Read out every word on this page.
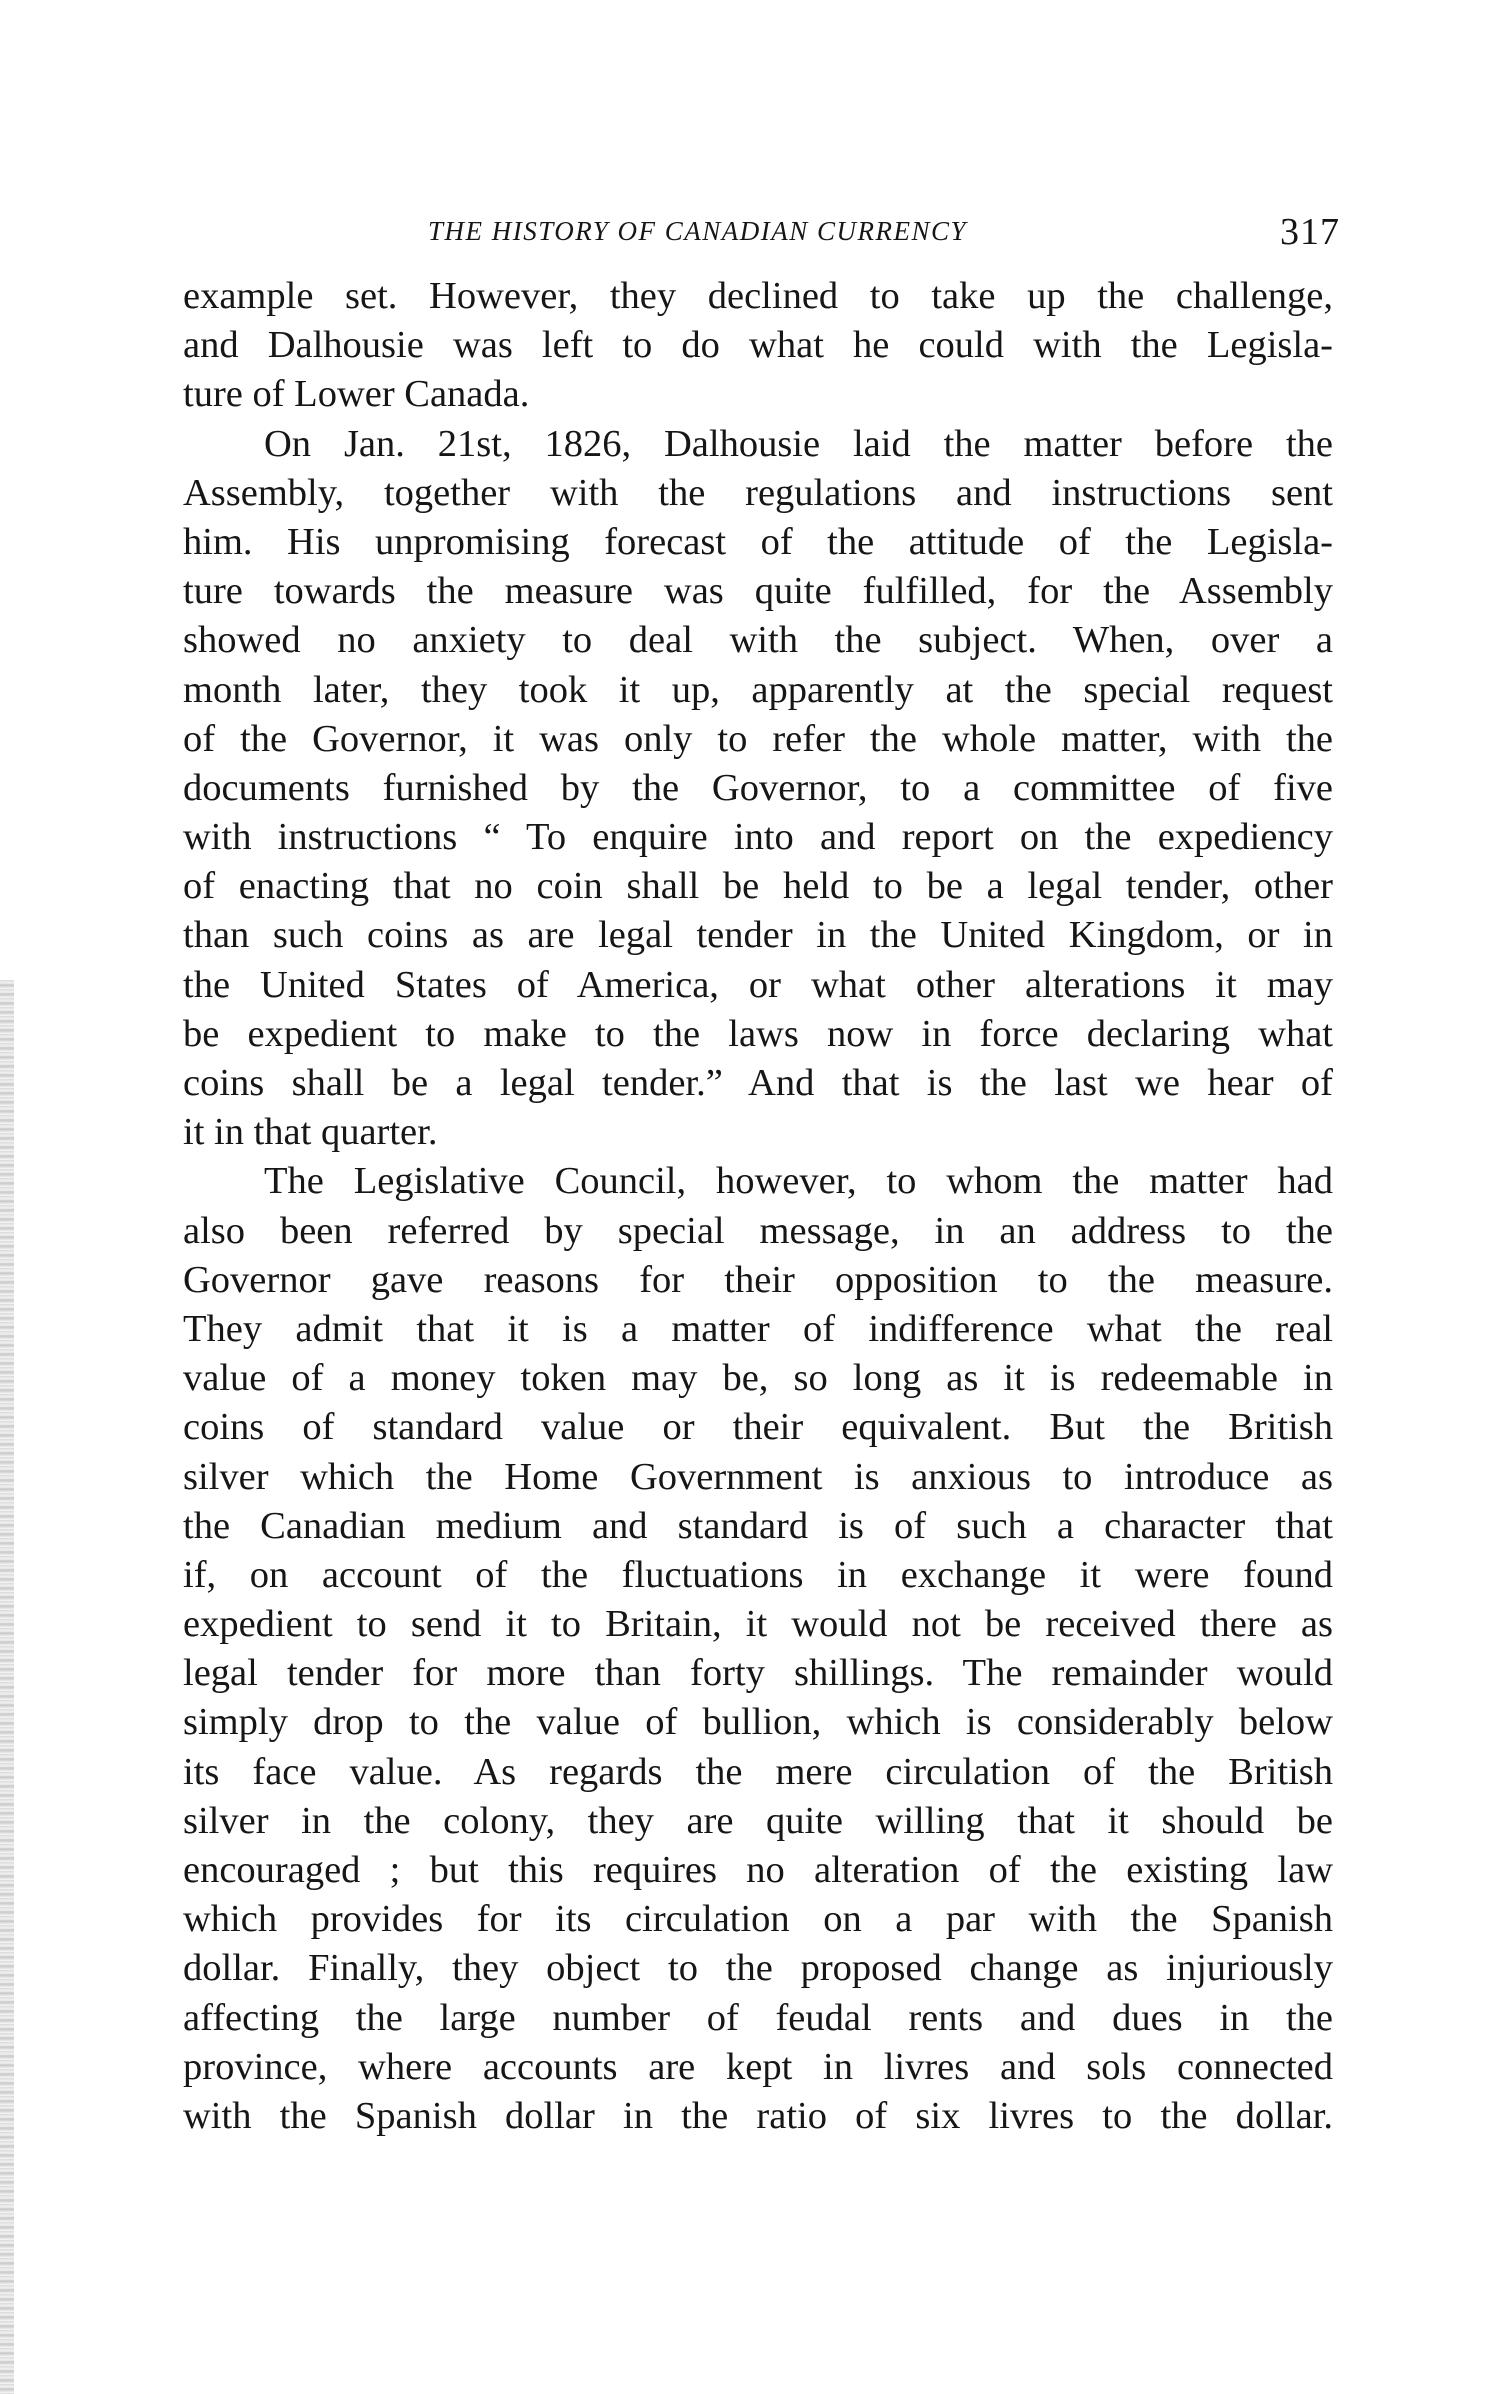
THE HISTORY OF CANADIAN CURRENCY	317

example set. However, they declined to take up the challenge,
and Dalhousie was left to do what he could with the Legisla-
ture of Lower Canada.

On Jan. 21st, 1826, Dalhousie laid the matter before the
Assembly, together with the regulations and instructions sent
him. His unpromising forecast of the attitude of the Legisla-
ture towards the measure was quite fulfilled, for the Assembly
showed no anxiety to deal with the subject. When, over a
month later, they took it up, apparently at the special request
of the Governor, it was only to refer the whole matter, with the
documents furnished by the Governor, to a committee of five
with instructions “ To enquire into and report on the expediency
of enacting that no coin shall be held to be a legal tender, other
than such coins as are legal tender in the United Kingdom, or in
the United States of America, or what other alterations it may
be expedient to make to the laws now in force declaring what
coins shall be a legal tender.” And that is the last we hear of
it in that quarter.

The Legislative Council, however, to whom the matter had
also been referred by special message, in an address to the
Governor gave reasons for their opposition to the measure.
They admit that it is a matter of indifference what the real
value of a money token may be, so long as it is redeemable in
coins of standard value or their equivalent. But the British
silver which the Home Government is anxious to introduce as
the Canadian medium and standard is of such a character that
if, on account of the fluctuations in exchange it were found
expedient to send it to Britain, it would not be received there as
legal tender for more than forty shillings. The remainder would
simply drop to the value of bullion, which is considerably below
its face value. As regards the mere circulation of the British
silver in the colony, they are quite willing that it should be
encouraged ; but this requires no alteration of the existing law
which provides for its circulation on a par with the Spanish
dollar. Finally, they object to the proposed change as injuriously
affecting the large number of feudal rents and dues in the
province, where accounts are kept in livres and sols connected
with the Spanish dollar in the ratio of six livres to the dollar.
